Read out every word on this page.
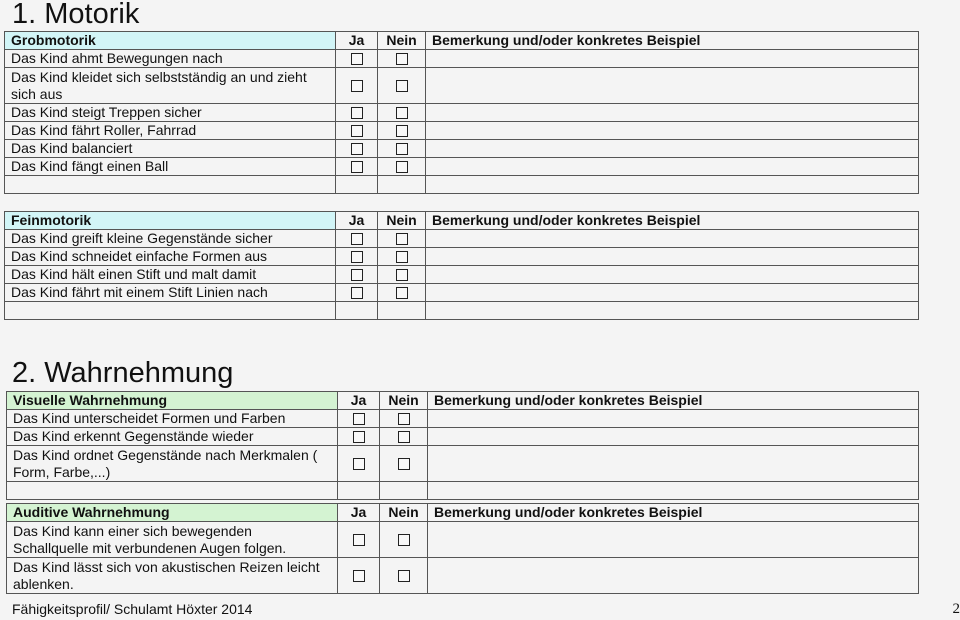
1. Motorik
2. Wahrnehmung
Grobmotorik	Ja	Nein	Bemerkung und/oder konkretes Beispiel
Das Kind ahmt Bewegungen nach			
Das Kind kleidet sich selbstständig an und zieht sich aus			
Das Kind steigt Treppen sicher			
Das Kind fährt Roller, Fahrrad			
Das Kind balanciert			
Das Kind fängt einen Ball			

Feinmotorik	Ja	Nein	Bemerkung und/oder konkretes Beispiel
Das Kind greift kleine Gegenstände sicher			
Das Kind schneidet einfache Formen aus			
Das Kind hält einen Stift und malt damit			
Das Kind fährt mit einem Stift Linien nach			

Visuelle Wahrnehmung	Ja	Nein	Bemerkung und/oder konkretes Beispiel
Das Kind unterscheidet Formen und Farben			
Das Kind erkennt Gegenstände wieder			
Das Kind ordnet Gegenstände nach Merkmalen ( Form, Farbe,...)			

Auditive Wahrnehmung	Ja	Nein	Bemerkung und/oder konkretes Beispiel
Das Kind kann einer sich bewegenden Schallquelle mit verbundenen Augen folgen.			
Das Kind lässt sich von akustischen Reizen leicht ablenken.			
Fähigkeitsprofil/ Schulamt Höxter 2014	2
